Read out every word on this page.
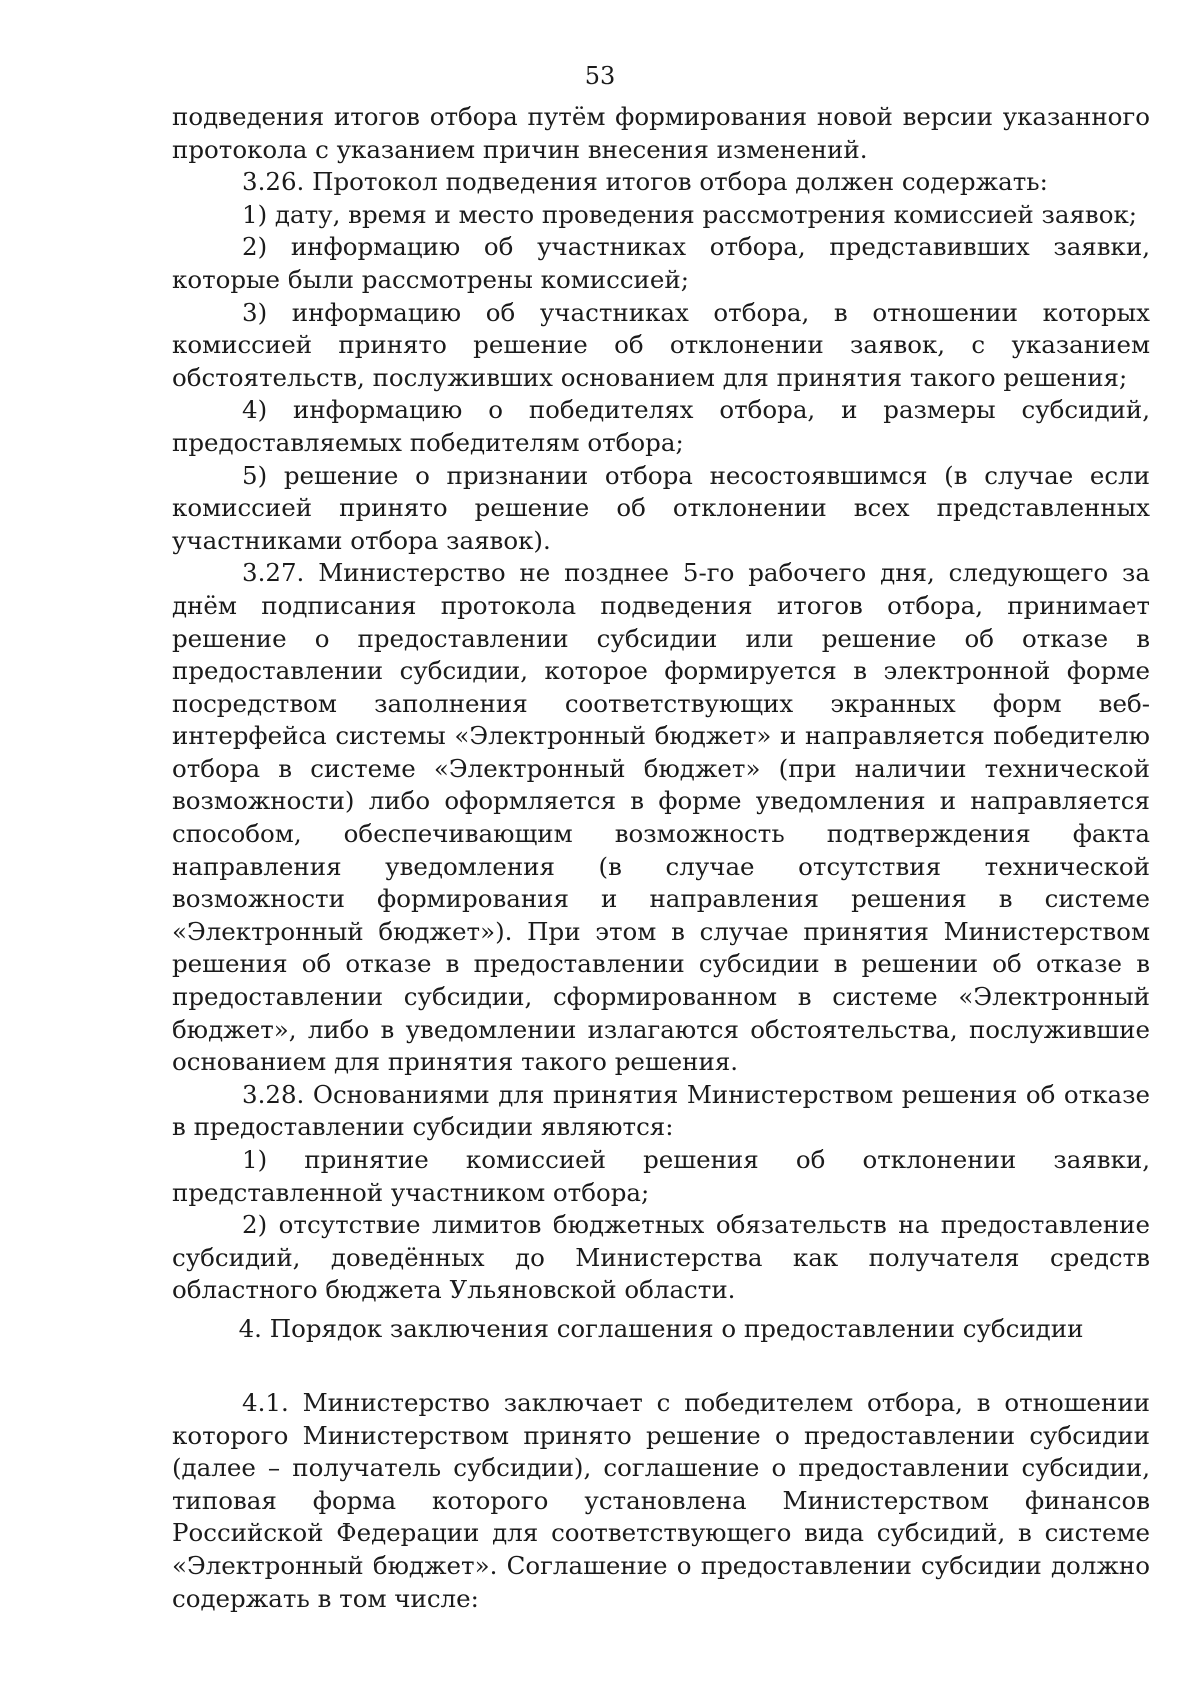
53

подведения итогов отбора путём формирования новой версии указанного протокола с указанием причин внесения изменений.

3.26. Протокол подведения итогов отбора должен содержать:

1) дату, время и место проведения рассмотрения комиссией заявок;

2) информацию об участниках отбора, представивших заявки, которые были рассмотрены комиссией;

3) информацию об участниках отбора, в отношении которых комиссией принято решение об отклонении заявок, с указанием обстоятельств, послуживших основанием для принятия такого решения;

4) информацию о победителях отбора, и размеры субсидий, предоставляемых победителям отбора;

5) решение о признании отбора несостоявшимся (в случае если комиссией принято решение об отклонении всех представленных участниками отбора заявок).

3.27. Министерство не позднее 5-го рабочего дня, следующего за днём подписания протокола подведения итогов отбора, принимает решение о предоставлении субсидии или решение об отказе в предоставлении субсидии, которое формируется в электронной форме посредством заполнения соответствующих экранных форм веб-интерфейса системы «Электронный бюджет» и направляется победителю отбора в системе «Электронный бюджет» (при наличии технической возможности) либо оформляется в форме уведомления и направляется способом, обеспечивающим возможность подтверждения факта направления уведомления (в случае отсутствия технической возможности формирования и направления решения в системе «Электронный бюджет»). При этом в случае принятия Министерством решения об отказе в предоставлении субсидии в решении об отказе в предоставлении субсидии, сформированном в системе «Электронный бюджет», либо в уведомлении излагаются обстоятельства, послужившие основанием для принятия такого решения.

3.28. Основаниями для принятия Министерством решения об отказе в предоставлении субсидии являются:

1) принятие комиссией решения об отклонении заявки, представленной участником отбора;

2) отсутствие лимитов бюджетных обязательств на предоставление субсидий, доведённых до Министерства как получателя средств областного бюджета Ульяновской области.

4. Порядок заключения соглашения о предоставлении субсидии

4.1. Министерство заключает с победителем отбора, в отношении которого Министерством принято решение о предоставлении субсидии (далее – получатель субсидии), соглашение о предоставлении субсидии, типовая форма которого установлена Министерством финансов Российской Федерации для соответствующего вида субсидий, в системе «Электронный бюджет». Соглашение о предоставлении субсидии должно содержать в том числе:
